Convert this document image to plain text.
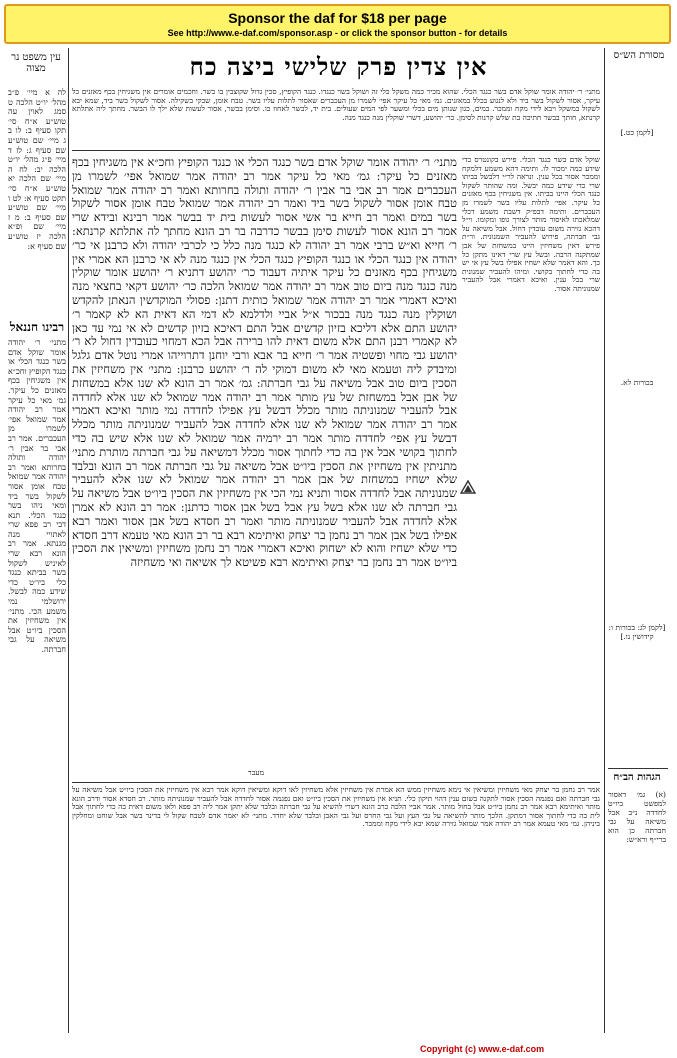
Sponsor the daf for $18 per page
See http://www.e-daf.com/sponsor.asp - or click the sponsor button - for details
עין משפט נר מצוה	אין צדין פרק שלישי ביצה כח	מסורת הש״ס
לה א מיי׳ פ״ב מהל׳ יו״ט הלכה ט סמג לאוין עה טוש״ע א״ח סי׳ תקו סעיף ב: לו ב ג מיי׳ שם טוש״ע שם סעיף ג: לז ד מיי׳ פ״ג מהל׳ יו״ט הלכה יב: לח ה מיי׳ שם הלכה יא טוש״ע א״ח סי׳ תקט סעיף א: לט ו מיי׳ שם טוש״ע שם סעיף ב: מ ז מיי׳ שם ופ״א הלכה יז טוש״ע שם סעיף א:
רבינו חננאל
מתני׳ ר׳ יהודה אומר שוקל אדם בשר כנגד הכלי או כנגד הקופיץ וחכ״א אין משגיחין בכף מאזנים כל עיקר. גמ׳ מאי כל עיקר אמר רב יהודה אמר שמואל אפי׳ לשמרו מן העכברים. אמר רב אבי בר אבין ר׳ יהודה ותולה בחרותא ואמר רב יהודה אמר שמואל טבח אומן אסור לשקול בשר ביד ומאי ניהו בשר כנגד הכלי. תנא דבי רב פפא שרי לאתויי מנה מגנתא. אמר רב הונא רבא שרי לאיניש לשקול בשר בביתא כנגד כלי ביו״ט כדי שידע כמה לבשל. ירושלמי נמי משמע הכי. מתני׳ אין משחיזין את הסכין ביו״ט אבל משיאה על גבי חברתה.
מתני׳ ר׳ יהודה אומר שוקל אדם בשר כנגד הכלי. שהוא מכיר כמה משקל כלי זה ושוקל בשר כנגדו. כנגד הקופיץ, סכין גדול שקוצבין בו בשר. וחכמים אומרים אין משגיחין בכף מאזנים כל עיקר, אסור לשקול בשר ביד ולא לנגוע בכלל במאזנים. גמ׳ מאי כל עיקר אפי׳ לשמרו מן העכברים שאסור לתלות עליו בשר. טבח אומן, שבקי בשקילה. אסור לשקול בשר ביד, שמא יבא לשקול במשקל ויבא לידי מקח וממכר. במים, כגון שנותן מים בכלי ומשער לפי המים שעולים. בית יד, לבשר לאחוז בו. וסימן בבשר, אסור לעשות שלא ילך לו הבשר. מחתך ליה אתלתא קרנתא, חותך בבשר חתיכה בת שלש קרנות לסימן. כר׳ יהושע, דשרי שוקלין מנה כנגד מנה.
מתני׳ ר׳ יהודה אומר שוקל אדם בשר כנגד הכלי או כנגד הקופיץ וחכ״א אין משגיחין בכף מאזנים כל עיקר: גמ׳ מאי כל עיקר אמר רב יהודה אמר שמואל אפי׳ לשמרו מן העכברים אמר רב אבי בר אבין ר׳ יהודה ותולה בחרותא ואמר רב יהודה אמר שמואל טבח אומן אסור לשקול בשר ביד ואמר רב יהודה אמר שמואל טבח אומן אסור לשקול בשר במים ואמר רב חייא בר אשי אסור לעשות בית יד בבשר אמר רבינא ובידא שרי אמר רב הונא אסור לעשות סימן בבשר כדרבה בר רב הונא מחתך לה אתלתא קרנתא: ר׳ חייא וא״ש ברבי אמר רב יהודה לא כנגד מנה כלל כי לכרבי יהודה ולא כרבנן אי כר׳ יהודה אין כנגד הכלי או כנגד הקופיץ כנגד הכלי אין כנגד מנה לא אי כרבנן הא אמרי אין משגיחין בכף מאזנים כל עיקר איתיה דעבוד כר׳ יהושע דתניא ר׳ יהושע אומר שוקלין מנה כנגד מנה ביום טוב אמר רב יהודה אמר שמואל הלכה כר׳ יהושע דקאי בחצאי מנה ואיכא דאמרי אמר רב יהודה אמר שמואל כותית דתנן: פסולי המוקדשין הנאתן להקדש ושוקלין מנה כנגד מנה בבכור א״ל אביי ולדלמא לא דמי הא דאית הא לא קאמר ר׳ יהושע התם אלא דליכא בזיון קדשים אבל התם דאיכא בזיון קדשים לא אי נמי עד כאן לא קאמרי רבנן התם אלא משום דאית להו ברירה אבל הכא דמחוי כעובדין דחול לא ר׳ יהושע גבי מחוי ופשטיה אמר ר׳ חייא בר אבא ורבי יוחנן דתרוייהו אמרי נוטל אדם גלגל ומיבדק ליה וטעמא מאי לא משום דמוקי לה ר׳ יהושע כרבנן: מתני׳ אין משחיזין את הסכין ביום טוב אבל משיאה על גבי חברתה: גמ׳ אמר רב הונא לא שנו אלא במשחזת של אבן אבל במשחזת של עץ מותר אמר רב יהודה אמר שמואל לא שנו אלא לחדדה אבל להעביר שמנוניתה מותר מכלל דבשל עץ אפילו לחדדה נמי מותר ואיכא דאמרי אמר רב יהודה אמר שמואל לא שנו אלא לחדדה אבל להעביר שמנוניתה מותר מכלל דבשל עץ אפי׳ לחדדה מותר אמר רב ירמיה אמר שמואל לא שנו אלא שיש בה כדי לחתוך בקושי אבל אין בה כדי לחתוך אסור מכלל דמשיאה על גבי חברתה מותרת מתני׳ מתניתין אין משחיזין את הסכין ביו״ט אבל משיאה על גבי חברתה אמר רב הונא ובלבד שלא ישחיז במשחזת של אבן אמר רב יהודה אמר שמואל לא שנו אלא להעביר שמנוניתה אבל לחדדה אסור ותניא נמי הכי אין משחיזין את הסכין ביו״ט אבל משיאה על גבי חברתה לא שנו אלא בשל עץ אבל בשל אבן אסור כדתנן: אמר רב הונא לא אמרן אלא לחדדה אבל להעביר שמנוניתה מותר ואמר רב חסדא בשל אבן אסור ואמר רבא אפילו בשל אבן אמר רב נחמן בר יצחק ואיתימא רבא בר רב הונא מאי טעמא דרב חסדא כדי שלא ישחיז והוא לא ישחוק ואיכא דאמרי אמר רב נחמן משחיזין ומשיאין את הסכין ביו״ט אמר רב נחמן בר יצחק ואיתימא רבא פשיטא לך אשיאה ואי משחיזה
מעבר
שוקל אדם בשר כנגד הכלי. פירש בקונטרס כדי שידע כמה ימכור לו. ותימה דהא משמע דלמקח וממכר אסור בכל ענין. ונראה לר״י דלבשל בביתו שרי כדי שידע כמה יבשל. ומה שהותר לשקול כנגד הכלי היינו בביתו. אין משגיחין בכף מאזנים כל עיקר. אפי׳ לתלות עליו בשר לשמרו מן העכברים. ותימה דבפ״ק דשבת משמע דכלי שמלאכתו לאיסור מותר לצורך גופו ומקומו. וי״ל דהכא גזירה משום עובדין דחול. אבל משיאה על גבי חברתה, פירוש להעביר השמנונית. ור״ת פירש דאין משחיזין היינו במשחזת של אבן שמתקנה הרבה. ובשל עץ שרי דאינו מתקן כל כך. והא דאמר שלא ישחיז אפילו בשל עץ אי יש בה כדי לחתוך בקושי. ומיהו להעביר שמנונית שרי בכל ענין. ואיכא דאמרי אבל להעביר שמנוניתה אסור.
אמר רב נחמן בר יצחק מאי משחיזין ומשיאין אי נימא משחיזין ממש הא אמרת אין משחיזין אלא משחיזין לאו דוקא ומשיאין דוקא אמר רבא אין משחיזין את הסכין ביו״ט אבל משיאה על גבי חברתה ואם נפגמה הסכין אסור לתקנה בשום ענין דהוי תיקון כלי. תניא אין משחיזין את הסכין ביו״ט ואם נפגמה אסור לחדדה אבל להעביר שמנוניתה מותר. רב חסדא אסור ודרב הונא מותר ואיתימא רבא אמר רב נחמן ביו״ט אבל בחול מותר. אמר אביי הלכה כרב הונא דשרי להשיא על גבי חברתה ובלבד שלא יתקן אמר ליה רב פפא ולאו משום דאית בה כדי לחתוך אבל לית בה כדי לחתוך אסור דמתקן. הלכך מותר להשיאה על גבי העץ ועל גבי החרס ועל גבי האבן ובלבד שלא יחדד. מתני׳ לא יאמר אדם לטבח שקול לי בדינר בשר אבל שוחט ומחלקין ביניהן. גמ׳ מאי טעמא אמר רב יהודה אמר שמואל גזירה שמא יבא לידי מקח וממכר.
[לקמן כט.]
בכורות לא.
[לקמן לג: בכורות ו: קידושין נו.]
הגהות הב״ח
(א) גמ׳ דאסור למפשט ביו״ט לחדדה נ״ב אבל משיאה על גבי חברתה כן הוא ברי״ף ורא״ש:
Copyright (c) www.e-daf.com
